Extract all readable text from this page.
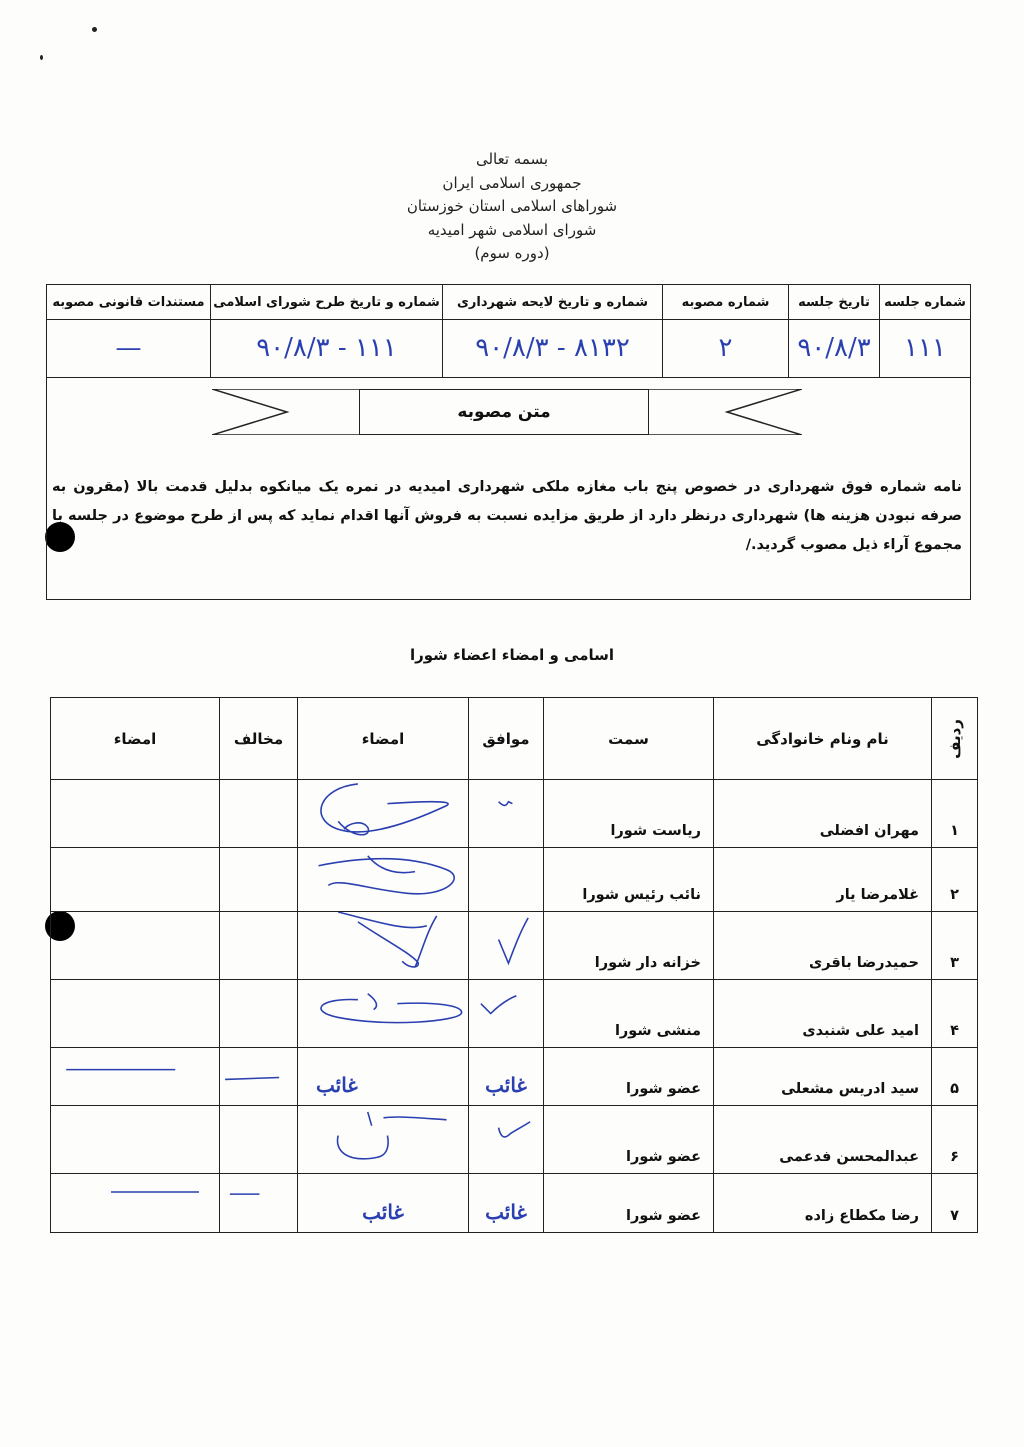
بسمه تعالی
جمهوری اسلامی ایران
شوراهای اسلامی استان خوزستان
شورای اسلامی شهر امیدیه
(دوره سوم)
شماره جلسه
تاریخ جلسه
شماره مصوبه
شماره و تاریخ لایحه شهرداری
شماره و تاریخ طرح شورای اسلامی
مستندات قانونی مصوبه
۱۱۱
۹۰/۸/۳
۲
۸۱۳۲ - ۹۰/۸/۳
۱۱۱ - ۹۰/۸/۳
—
متن مصوبه
نامه شماره فوق شهرداری در خصوص پنج باب مغازه ملکی شهرداری امیدیه در نمره یک میانکوه بدلیل قدمت بالا (مقرون به صرفه نبودن هزینه ها) شهرداری درنظر دارد از طریق مزایده نسبت به فروش آنها اقدام نماید که پس از طرح موضوع در جلسه با مجموع آراء ذیل مصوب گردید./
اسامی و امضاء اعضاء شورا
ردیف
نام ونام خانوادگی
سمت
موافق
امضاء
مخالف
امضاء
۱
مهران افضلی
ریاست شورا
۲
غلامرضا یار
نائب رئیس شورا
۳
حمیدرضا باقری
خزانه دار شورا
۴
امید علی شنبدی
منشی شورا
۵
سید ادریس مشعلی
عضو شورا
غائب
غائب
۶
عبدالمحسن فدعمی
عضو شورا
۷
رضا مکطاع زاده
عضو شورا
غائب
غائب
